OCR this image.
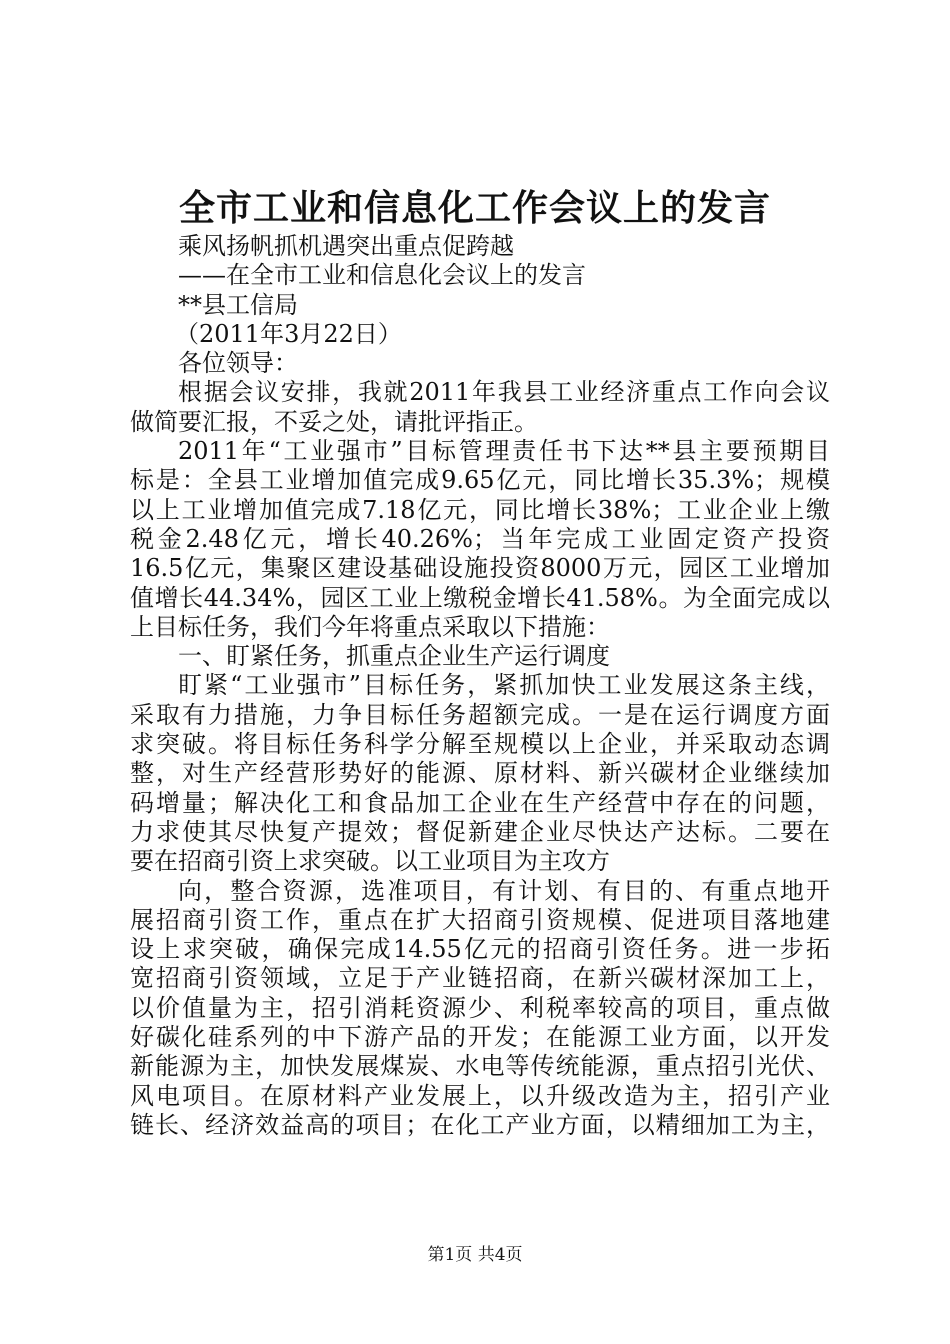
全市工业和信息化工作会议上的发言
乘风扬帆抓机遇突出重点促跨越
——在全市工业和信息化会议上的发言
**县工信局
（2011年3月22日）
各位领导：
根据会议安排，我就2011年我县工业经济重点工作向会议
做简要汇报，不妥之处，请批评指正。
2011年“工业强市”目标管理责任书下达**县主要预期目
标是：全县工业增加值完成9.65亿元，同比增长35.3%；规模
以上工业增加值完成7.18亿元，同比增长38%；工业企业上缴
税金2.48亿元，增长40.26%；当年完成工业固定资产投资
16.5亿元，集聚区建设基础设施投资8000万元，园区工业增加
值增长44.34%，园区工业上缴税金增长41.58%。为全面完成以
上目标任务，我们今年将重点采取以下措施：
一、盯紧任务，抓重点企业生产运行调度
盯紧“工业强市”目标任务，紧抓加快工业发展这条主线，
采取有力措施，力争目标任务超额完成。一是在运行调度方面
求突破。将目标任务科学分解至规模以上企业，并采取动态调
整，对生产经营形势好的能源、原材料、新兴碳材企业继续加
码增量；解决化工和食品加工企业在生产经营中存在的问题，
力求使其尽快复产提效；督促新建企业尽快达产达标。二要在
要在招商引资上求突破。以工业项目为主攻方
向，整合资源，选准项目，有计划、有目的、有重点地开
展招商引资工作，重点在扩大招商引资规模、促进项目落地建
设上求突破，确保完成14.55亿元的招商引资任务。进一步拓
宽招商引资领域，立足于产业链招商，在新兴碳材深加工上，
以价值量为主，招引消耗资源少、利税率较高的项目，重点做
好碳化硅系列的中下游产品的开发；在能源工业方面，以开发
新能源为主，加快发展煤炭、水电等传统能源，重点招引光伏、
风电项目。在原材料产业发展上，以升级改造为主，招引产业
链长、经济效益高的项目；在化工产业方面，以精细加工为主，
第1页 共4页
